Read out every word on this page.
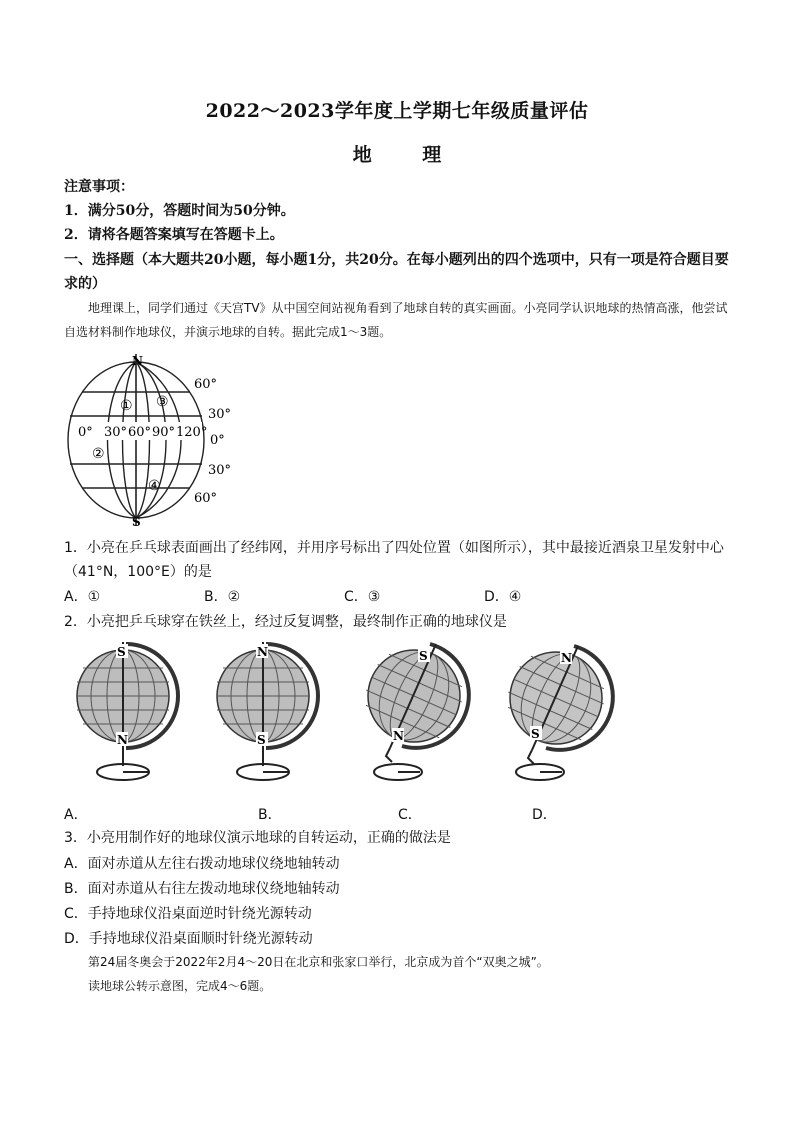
2022～2023学年度上学期七年级质量评估
地 理
注意事项：
1．满分50分，答题时间为50分钟。
2．请将各题答案填写在答题卡上。
一、选择题（本大题共20小题，每小题1分，共20分。在每小题列出的四个选项中，只有一项是符合题目要求的）
地理课上，同学们通过《天宫TV》从中国空间站视角看到了地球自转的真实画面。小亮同学认识地球的热情高涨，他尝试自选材料制作地球仪，并演示地球的自转。据此完成1～3题。
N
S
60°
30°
0°
30°
60°
0° 30° 60° 90° 120°
①
②
③
④
1．小亮在乒乓球表面画出了经纬网，并用序号标出了四处位置（如图所示），其中最接近酒泉卫星发射中心（41°N，100°E）的是
A．①	B．②	C．③	D．④
2．小亮把乒乓球穿在铁丝上，经过反复调整，最终制作正确的地球仪是
S
N
N
S
S
N
N
S
A．	B．	C．	D．
3．小亮用制作好的地球仪演示地球的自转运动，正确的做法是
A．面对赤道从左往右拨动地球仪绕地轴转动
B．面对赤道从右往左拨动地球仪绕地轴转动
C．手持地球仪沿桌面逆时针绕光源转动
D．手持地球仪沿桌面顺时针绕光源转动
第24届冬奥会于2022年2月4～20日在北京和张家口举行，北京成为首个“双奥之城”。
读地球公转示意图，完成4～6题。
